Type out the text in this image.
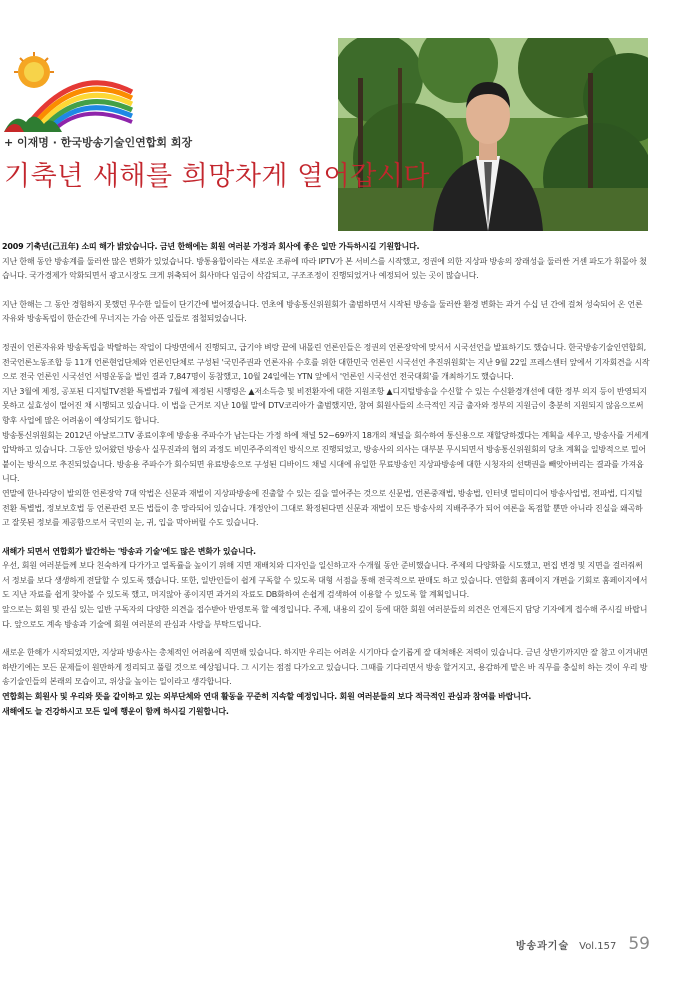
+ 이재명 · 한국방송기술인연합회 회장
기축년 새해를 희망차게 열어갑시다

2009 기축년(己丑年) 소띠 해가 밝았습니다. 금년 한해에는 회원 여러분 가정과 회사에 좋은 일만 가득하시길 기원합니다.

지난 한해 동안 방송계를 둘러싼 많은 변화가 있었습니다. 방통융합이라는 새로운 조류에 따라 IPTV가 본 서비스를 시작했고, 정권에 의한 지상파 방송의 장래성을 둘러싼 거센 파도가 휘몰아 쳤습니다. 국가경제가 악화되면서 광고시장도 크게 위축되어 회사마다 임금이 삭감되고, 구조조정이 진행되었거나 예정되어 있는 곳이 많습니다.

지난 한해는 그 동안 경험하지 못했던 무수한 일들이 단기간에 벌어졌습니다. 연초에 방송통신위원회가 출범하면서 시작된 방송을 둘러싼 환경 변화는 과거 수십 년 간에 걸쳐 성숙되어 온 언론자유와 방송독립이 한순간에 무너지는 가슴 아픈 일들로 점철되었습니다.

정권이 언론자유와 방송독립을 박탈하는 작업이 다방면에서 진행되고, 급기야 벼랑 끝에 내몰린 언론인들은 정권의 언론장악에 맞서서 시국선언을 발표하기도 했습니다. 한국방송기술인연합회, 전국언론노동조합 등 11개 언론현업단체와 언론인단체로 구성된 '국민주권과 언론자유 수호를 위한 대한민국 언론인 시국선언 추진위원회'는 지난 9월 22일 프레스센터 앞에서 기자회견을 시작으로 전국 언론인 시국선언 서명운동을 벌인 결과 7,847명이 동참했고, 10월 24일에는 YTN 앞에서 '언론인 시국선언 전국대회'를 개최하기도 했습니다.

지난 3월에 제정, 공포된 디지털TV전환 특별법과 7월에 제정된 시행령은 ▲저소득층 및 비전환자에 대한 지원조항 ▲디지털방송을 수신할 수 있는 수신환경개선에 대한 정부 의지 등이 반영되지 못하고 실효성이 떨어진 채 시행되고 있습니다. 이 법을 근거로 지난 10월 말에 DTV코리아가 출범했지만, 참여 회원사들의 소극적인 지금 출자와 정부의 지원금이 충분히 지원되지 않음으로써 향후 사업에 많은 어려움이 예상되기도 합니다.

방송통신위원회는 2012년 아날로그TV 종료이후에 방송용 주파수가 남는다는 가정 하에 채널 52~69까지 18개의 채널을 회수하여 통신용으로 재할당하겠다는 계획을 세우고, 방송사를 거세게 압박하고 있습니다. 그동안 있어왔던 방송사 실무진과의 협의 과정도 비민주주의적인 방식으로 진행되었고, 방송사의 의사는 대부분 무시되면서 방송통신위원회의 당초 계획을 일방적으로 밀어붙이는 방식으로 추진되었습니다. 방송용 주파수가 회수되면 유료방송으로 구성된 디바이드 채널 시대에 유일한 무료방송인 지상파방송에 대한 시청자의 선택권을 빼앗아버리는 결과를 가져옵니다.

연말에 한나라당이 발의한 언론장악 7대 악법은 신문과 재벌이 지상파방송에 진출할 수 있는 길을 열어주는 것으로 신문법, 언론중재법, 방송법, 인터넷 멀티미디어 방송사업법, 전파법, 디지털 전환 특별법, 정보보호법 등 언론관련 모든 법들이 총 망라되어 있습니다. 개정안이 그대로 확정된다면 신문과 재벌이 모든 방송사의 지배주주가 되어 여론을 독점할 뿐만 아니라 진실을 왜곡하고 잘못된 정보를 제공함으로서 국민의 눈, 귀, 입을 막아버릴 수도 있습니다.

새해가 되면서 연합회가 발간하는 '방송과 기술'에도 많은 변화가 있습니다.

우선, 회원 여러분들께 보다 친숙하게 다가가고 열독률을 높이기 위해 지면 재배치와 디자인을 일신하고자 수개월 동안 준비했습니다. 주제의 다양화를 시도했고, 편집 변경 및 지면을 걸러줘써서 정보를 보다 생생하게 전달할 수 있도록 했습니다. 또한, 일반인들이 쉽게 구독할 수 있도록 대형 서점을 통해 전국적으로 판매도 하고 있습니다. 연합회 홈페이지 개편을 기회로 홈페이지에서도 지난 자료를 쉽게 찾아볼 수 있도록 했고, 머지않아 종이지면 과거의 자료도 DB화하여 손쉽게 검색하여 이용할 수 있도록 할 계획입니다.

앞으로는 회원 및 관심 있는 일반 구독자의 다양한 의견을 접수받아 반영토록 할 예정입니다. 주제, 내용의 깊이 등에 대한 회원 여러분들의 의견은 언제든지 담당 기자에게 접수해 주시길 바랍니다. 앞으로도 계속 방송과 기술에 회원 여러분의 관심과 사랑을 부탁드립니다.

새로운 한해가 시작되었지만, 지상파 방송사는 총체적인 어려움에 직면해 있습니다. 하지만 우리는 어려운 시기마다 슬기롭게 잘 대처해온 저력이 있습니다. 금년 상반기까지만 잘 참고 이겨내면 하반기에는 모든 문제들이 원만하게 정리되고 풀릴 것으로 예상됩니다. 그 시기는 점점 다가오고 있습니다. 그때를 기다리면서 방송 할거지고, 용감하게 맡은 바 직무를 충실히 하는 것이 우리 방송기술인들의 본래의 모습이고, 위상을 높이는 일이라고 생각합니다.

연합회는 회원사 및 우리와 뜻을 같이하고 있는 외부단체와 연대 활동을 꾸준히 지속할 예정입니다. 회원 여러분들의 보다 적극적인 관심과 참여를 바랍니다.

새해에도 늘 건강하시고 모든 일에 행운이 함께 하시길 기원합니다.

방송과기술 Vol.157 59
